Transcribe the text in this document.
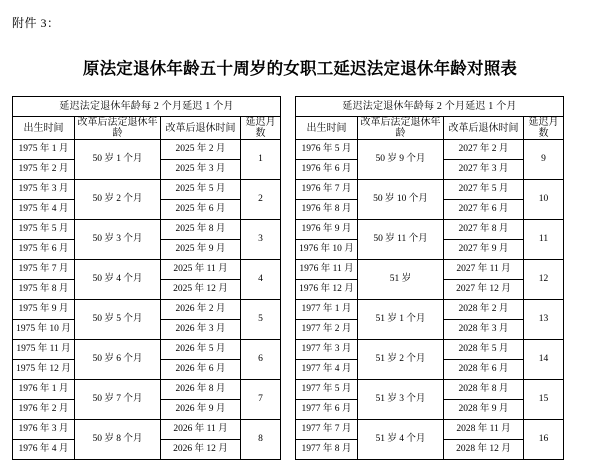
附件 3：
原法定退休年龄五十周岁的女职工延迟法定退休年龄对照表
延迟法定退休年龄每 2 个月延迟 1 个月			
出生时间	改革后法定退休年龄	改革后退休时间	延迟月数
1975 年 1 月	50 岁 1 个月	2025 年 2 月	1
1975 年 2 月		2025 年 3 月	
1975 年 3 月	50 岁 2 个月	2025 年 5 月	2
1975 年 4 月		2025 年 6 月	
1975 年 5 月	50 岁 3 个月	2025 年 8 月	3
1975 年 6 月		2025 年 9 月	
1975 年 7 月	50 岁 4 个月	2025 年 11 月	4
1975 年 8 月		2025 年 12 月	
1975 年 9 月	50 岁 5 个月	2026 年 2 月	5
1975 年 10 月		2026 年 3 月	
1975 年 11 月	50 岁 6 个月	2026 年 5 月	6
1975 年 12 月		2026 年 6 月	
1976 年 1 月	50 岁 7 个月	2026 年 8 月	7
1976 年 2 月		2026 年 9 月	
1976 年 3 月	50 岁 8 个月	2026 年 11 月	8
1976 年 4 月		2026 年 12 月	
延迟法定退休年龄每 2 个月延迟 1 个月			
出生时间	改革后法定退休年龄	改革后退休时间	延迟月数
1976 年 5 月	50 岁 9 个月	2027 年 2 月	9
1976 年 6 月		2027 年 3 月	
1976 年 7 月	50 岁 10 个月	2027 年 5 月	10
1976 年 8 月		2027 年 6 月	
1976 年 9 月	50 岁 11 个月	2027 年 8 月	11
1976 年 10 月		2027 年 9 月	
1976 年 11 月	51 岁	2027 年 11 月	12
1976 年 12 月		2027 年 12 月	
1977 年 1 月	51 岁 1 个月	2028 年 2 月	13
1977 年 2 月		2028 年 3 月	
1977 年 3 月	51 岁 2 个月	2028 年 5 月	14
1977 年 4 月		2028 年 6 月	
1977 年 5 月	51 岁 3 个月	2028 年 8 月	15
1977 年 6 月		2028 年 9 月	
1977 年 7 月	51 岁 4 个月	2028 年 11 月	16
1977 年 8 月		2028 年 12 月	
